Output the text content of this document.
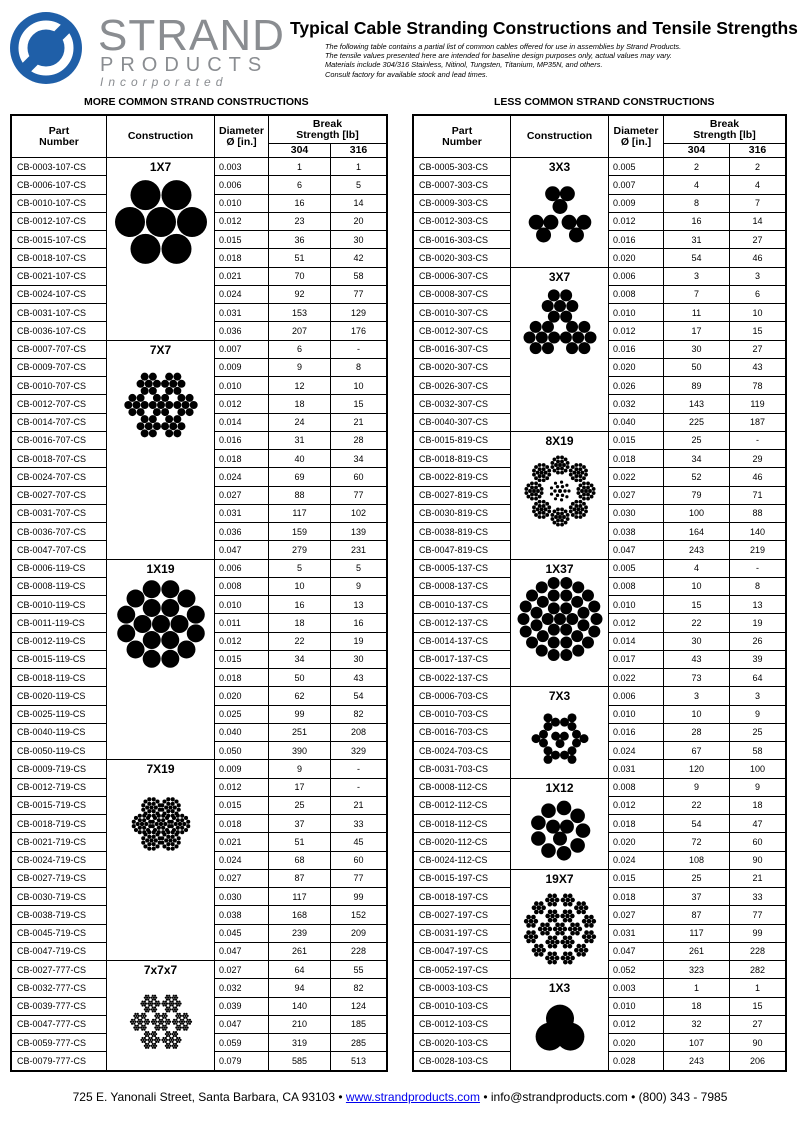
STRAND
PRODUCTS
Incorporated
Typical Cable Stranding Constructions and Tensile Strengths
The following table contains a partial list of common cables offered for use in assemblies by Strand Products.
The tensile values presented here are intended for baseline design purposes only, actual values may vary.
Materials include 304/316 Stainless, Nitinol, Tungsten, Titanium, MP35N, and others.
Consult factory for available stock and lead times.
MORE COMMON STRAND CONSTRUCTIONS	LESS COMMON STRAND CONSTRUCTIONS
Part
Number	Construction	Diameter
Ø [in.]	Break
Strength [lb]	
			304	316
CB-0003-107-CS	1X7	0.003	1	1
CB-0006-107-CS		0.006	6	5
CB-0010-107-CS		0.010	16	14
CB-0012-107-CS		0.012	23	20
CB-0015-107-CS		0.015	36	30
CB-0018-107-CS		0.018	51	42
CB-0021-107-CS		0.021	70	58
CB-0024-107-CS		0.024	92	77
CB-0031-107-CS		0.031	153	129
CB-0036-107-CS		0.036	207	176
CB-0007-707-CS	7X7	0.007	6	-
CB-0009-707-CS		0.009	9	8
CB-0010-707-CS		0.010	12	10
CB-0012-707-CS		0.012	18	15
CB-0014-707-CS		0.014	24	21
CB-0016-707-CS		0.016	31	28
CB-0018-707-CS		0.018	40	34
CB-0024-707-CS		0.024	69	60
CB-0027-707-CS		0.027	88	77
CB-0031-707-CS		0.031	117	102
CB-0036-707-CS		0.036	159	139
CB-0047-707-CS		0.047	279	231
CB-0006-119-CS	1X19	0.006	5	5
CB-0008-119-CS		0.008	10	9
CB-0010-119-CS		0.010	16	13
CB-0011-119-CS		0.011	18	16
CB-0012-119-CS		0.012	22	19
CB-0015-119-CS		0.015	34	30
CB-0018-119-CS		0.018	50	43
CB-0020-119-CS		0.020	62	54
CB-0025-119-CS		0.025	99	82
CB-0040-119-CS		0.040	251	208
CB-0050-119-CS		0.050	390	329
CB-0009-719-CS	7X19	0.009	9	-
CB-0012-719-CS		0.012	17	-
CB-0015-719-CS		0.015	25	21
CB-0018-719-CS		0.018	37	33
CB-0021-719-CS		0.021	51	45
CB-0024-719-CS		0.024	68	60
CB-0027-719-CS		0.027	87	77
CB-0030-719-CS		0.030	117	99
CB-0038-719-CS		0.038	168	152
CB-0045-719-CS		0.045	239	209
CB-0047-719-CS		0.047	261	228
CB-0027-777-CS	7x7x7	0.027	64	55
CB-0032-777-CS		0.032	94	82
CB-0039-777-CS		0.039	140	124
CB-0047-777-CS		0.047	210	185
CB-0059-777-CS		0.059	319	285
CB-0079-777-CS		0.079	585	513
Part
Number	Construction	Diameter
Ø [in.]	Break
Strength [lb]	
			304	316
CB-0005-303-CS	3X3	0.005	2	2
CB-0007-303-CS		0.007	4	4
CB-0009-303-CS		0.009	8	7
CB-0012-303-CS		0.012	16	14
CB-0016-303-CS		0.016	31	27
CB-0020-303-CS		0.020	54	46
CB-0006-307-CS	3X7	0.006	3	3
CB-0008-307-CS		0.008	7	6
CB-0010-307-CS		0.010	11	10
CB-0012-307-CS		0.012	17	15
CB-0016-307-CS		0.016	30	27
CB-0020-307-CS		0.020	50	43
CB-0026-307-CS		0.026	89	78
CB-0032-307-CS		0.032	143	119
CB-0040-307-CS		0.040	225	187
CB-0015-819-CS	8X19	0.015	25	-
CB-0018-819-CS		0.018	34	29
CB-0022-819-CS		0.022	52	46
CB-0027-819-CS		0.027	79	71
CB-0030-819-CS		0.030	100	88
CB-0038-819-CS		0.038	164	140
CB-0047-819-CS		0.047	243	219
CB-0005-137-CS	1X37	0.005	4	-
CB-0008-137-CS		0.008	10	8
CB-0010-137-CS		0.010	15	13
CB-0012-137-CS		0.012	22	19
CB-0014-137-CS		0.014	30	26
CB-0017-137-CS		0.017	43	39
CB-0022-137-CS		0.022	73	64
CB-0006-703-CS	7X3	0.006	3	3
CB-0010-703-CS		0.010	10	9
CB-0016-703-CS		0.016	28	25
CB-0024-703-CS		0.024	67	58
CB-0031-703-CS		0.031	120	100
CB-0008-112-CS	1X12	0.008	9	9
CB-0012-112-CS		0.012	22	18
CB-0018-112-CS		0.018	54	47
CB-0020-112-CS		0.020	72	60
CB-0024-112-CS		0.024	108	90
CB-0015-197-CS	19X7	0.015	25	21
CB-0018-197-CS		0.018	37	33
CB-0027-197-CS		0.027	87	77
CB-0031-197-CS		0.031	117	99
CB-0047-197-CS		0.047	261	228
CB-0052-197-CS		0.052	323	282
CB-0003-103-CS	1X3	0.003	1	1
CB-0010-103-CS		0.010	18	15
CB-0012-103-CS		0.012	32	27
CB-0020-103-CS		0.020	107	90
CB-0028-103-CS		0.028	243	206
725 E. Yanonali Street, Santa Barbara, CA 93103 • www.strandproducts.com • info@strandproducts.com • (800) 343 - 7985
